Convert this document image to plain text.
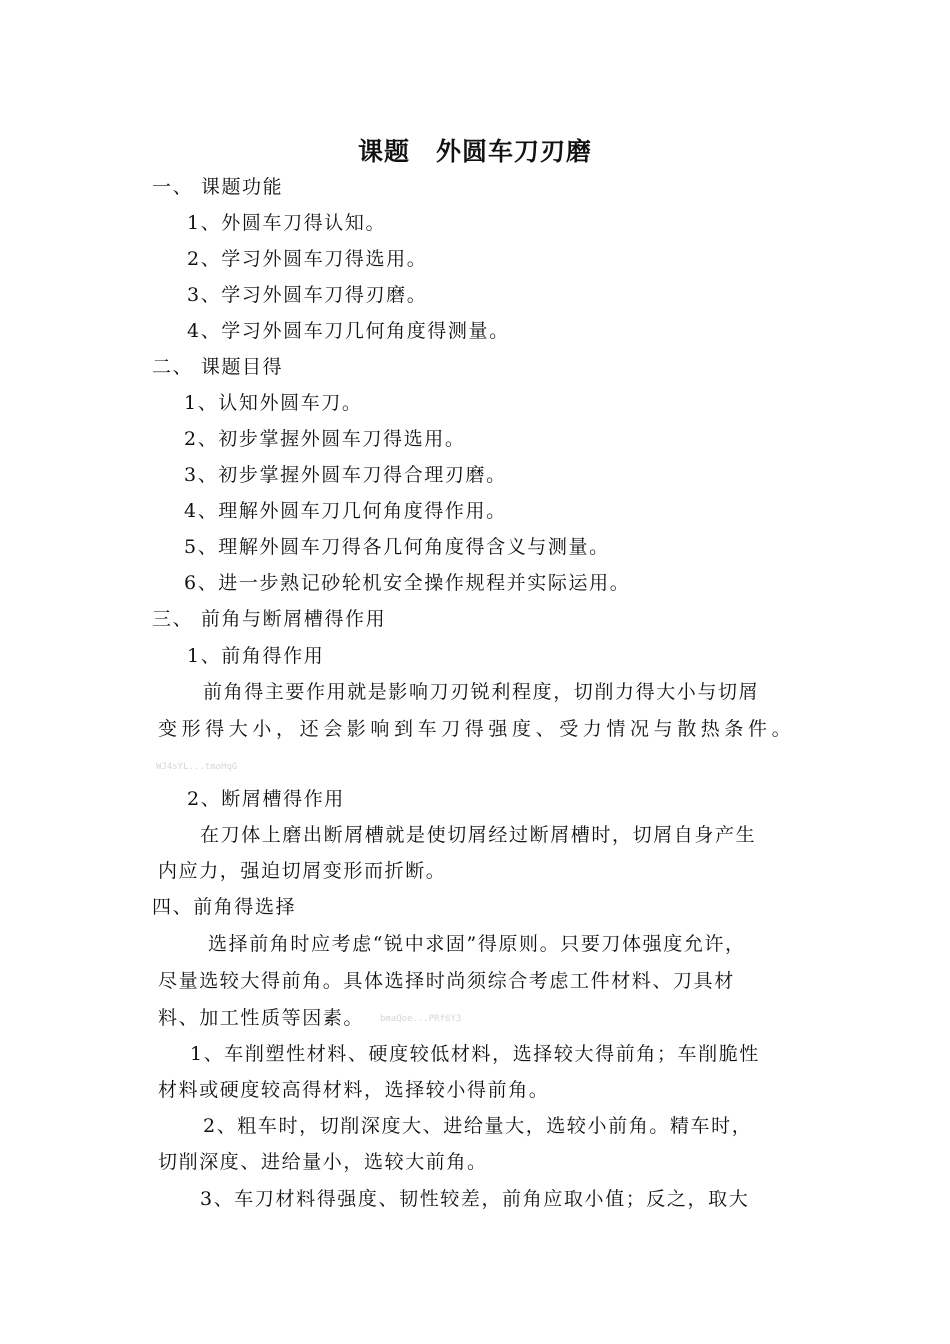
课题　外圆车刀刃磨
一、 课题功能
1、外圆车刀得认知。
2、学习外圆车刀得选用。
3、学习外圆车刀得刃磨。
4、学习外圆车刀几何角度得测量。
二、 课题目得
1、认知外圆车刀。
2、初步掌握外圆车刀得选用。
3、初步掌握外圆车刀得合理刃磨。
4、理解外圆车刀几何角度得作用。
5、理解外圆车刀得各几何角度得含义与测量。
6、进一步熟记砂轮机安全操作规程并实际运用。
三、 前角与断屑槽得作用
1、前角得作用
前角得主要作用就是影响刀刃锐利程度，切削力得大小与切屑
变形得大小，还会影响到车刀得强度、受力情况与散热条件。
WJ4sYL...tmoHqG
2、断屑槽得作用
在刀体上磨出断屑槽就是使切屑经过断屑槽时，切屑自身产生
内应力，强迫切屑变形而折断。
四、前角得选择
选择前角时应考虑“锐中求固”得原则。只要刀体强度允许，
尽量选较大得前角。具体选择时尚须综合考虑工件材料、刀具材
料、加工性质等因素。 bmaQoe...PRf6Y3
1、车削塑性材料、硬度较低材料，选择较大得前角；车削脆性
材料或硬度较高得材料，选择较小得前角。
2、粗车时，切削深度大、进给量大，选较小前角。精车时，
切削深度、进给量小，选较大前角。
3、车刀材料得强度、韧性较差，前角应取小值；反之，取大
